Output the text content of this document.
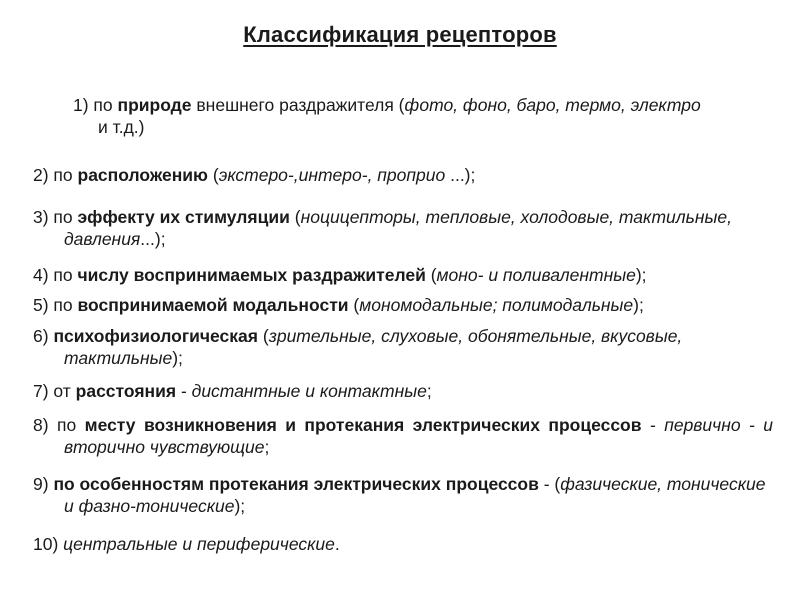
Классификация рецепторов
1) по природе внешнего раздражителя (фото, фоно, баро, термо, электро и т.д.)
2) по расположению (экстеро-,интеро-, проприо ...);
3) по эффекту их стимуляции (ноцицепторы, тепловые, холодовые, тактильные, давления...);
4) по числу воспринимаемых раздражителей (моно- и поливалентные);
5) по воспринимаемой модальности (мономодальные; полимодальные);
6) психофизиологическая (зрительные, слуховые, обонятельные, вкусовые, тактильные);
7) от расстояния - дистантные и контактные;
8) по месту возникновения и протекания электрических процессов - первично - и вторично чувствующие;
9) по особенностям протекания электрических процессов - (фазические, тонические и фазно-тонические);
10) центральные и периферические.
